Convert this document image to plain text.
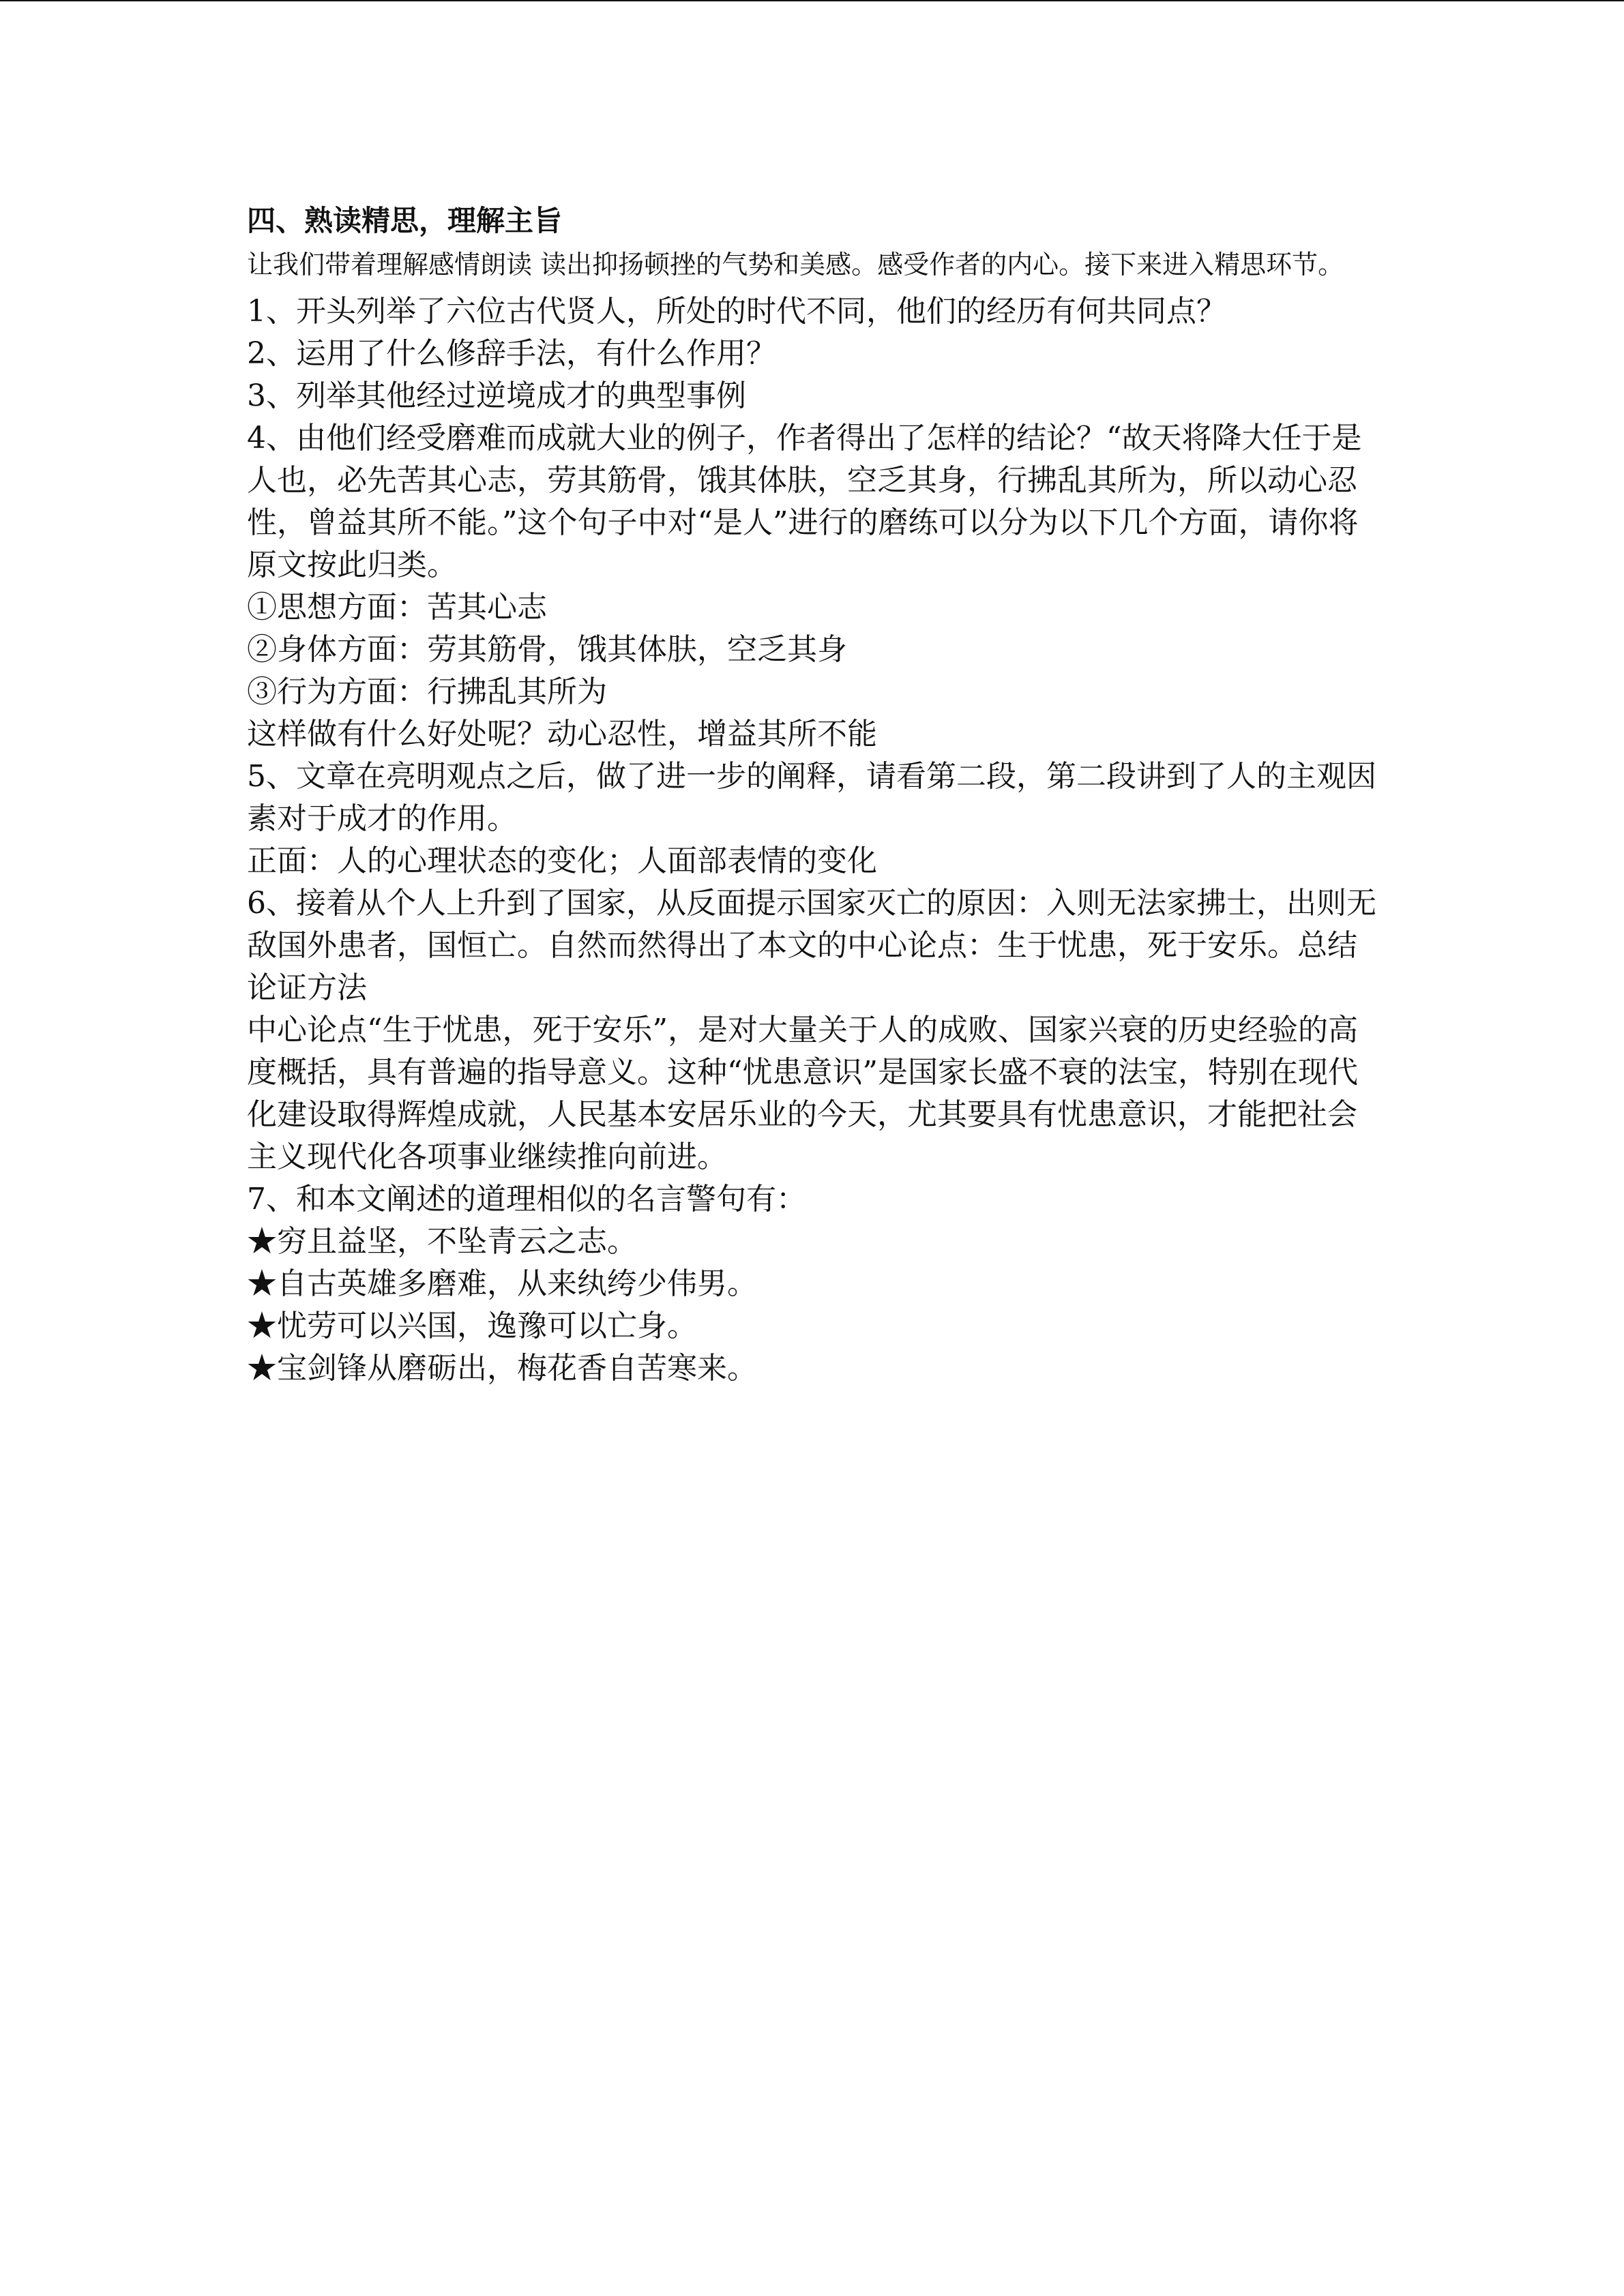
四、熟读精思，理解主旨
让我们带着理解感情朗读 读出抑扬顿挫的气势和美感。感受作者的内心。接下来进入精思环节。

1、开头列举了六位古代贤人，所处的时代不同，他们的经历有何共同点？

2、运用了什么修辞手法，有什么作用？

3、列举其他经过逆境成才的典型事例

4、由他们经受磨难而成就大业的例子，作者得出了怎样的结论？“故天将降大任于是人也，必先苦其心志，劳其筋骨，饿其体肤，空乏其身，行拂乱其所为，所以动心忍性，曾益其所不能。”这个句子中对“是人”进行的磨练可以分为以下几个方面，请你将原文按此归类。

①思想方面：苦其心志

②身体方面：劳其筋骨，饿其体肤，空乏其身

③行为方面：行拂乱其所为

这样做有什么好处呢？动心忍性，增益其所不能

5、文章在亮明观点之后，做了进一步的阐释，请看第二段，第二段讲到了人的主观因素对于成才的作用。

正面：人的心理状态的变化；人面部表情的变化

6、接着从个人上升到了国家，从反面提示国家灭亡的原因：入则无法家拂士，出则无敌国外患者，国恒亡。自然而然得出了本文的中心论点：生于忧患，死于安乐。总结论证方法

中心论点“生于忧患，死于安乐”，是对大量关于人的成败、国家兴衰的历史经验的高度概括，具有普遍的指导意义。这种“忧患意识”是国家长盛不衰的法宝，特别在现代化建设取得辉煌成就，人民基本安居乐业的今天，尤其要具有忧患意识，才能把社会主义现代化各项事业继续推向前进。

7、和本文阐述的道理相似的名言警句有：

★穷且益坚，不坠青云之志。

★自古英雄多磨难，从来纨绔少伟男。

★忧劳可以兴国，逸豫可以亡身。

★宝剑锋从磨砺出，梅花香自苦寒来。
